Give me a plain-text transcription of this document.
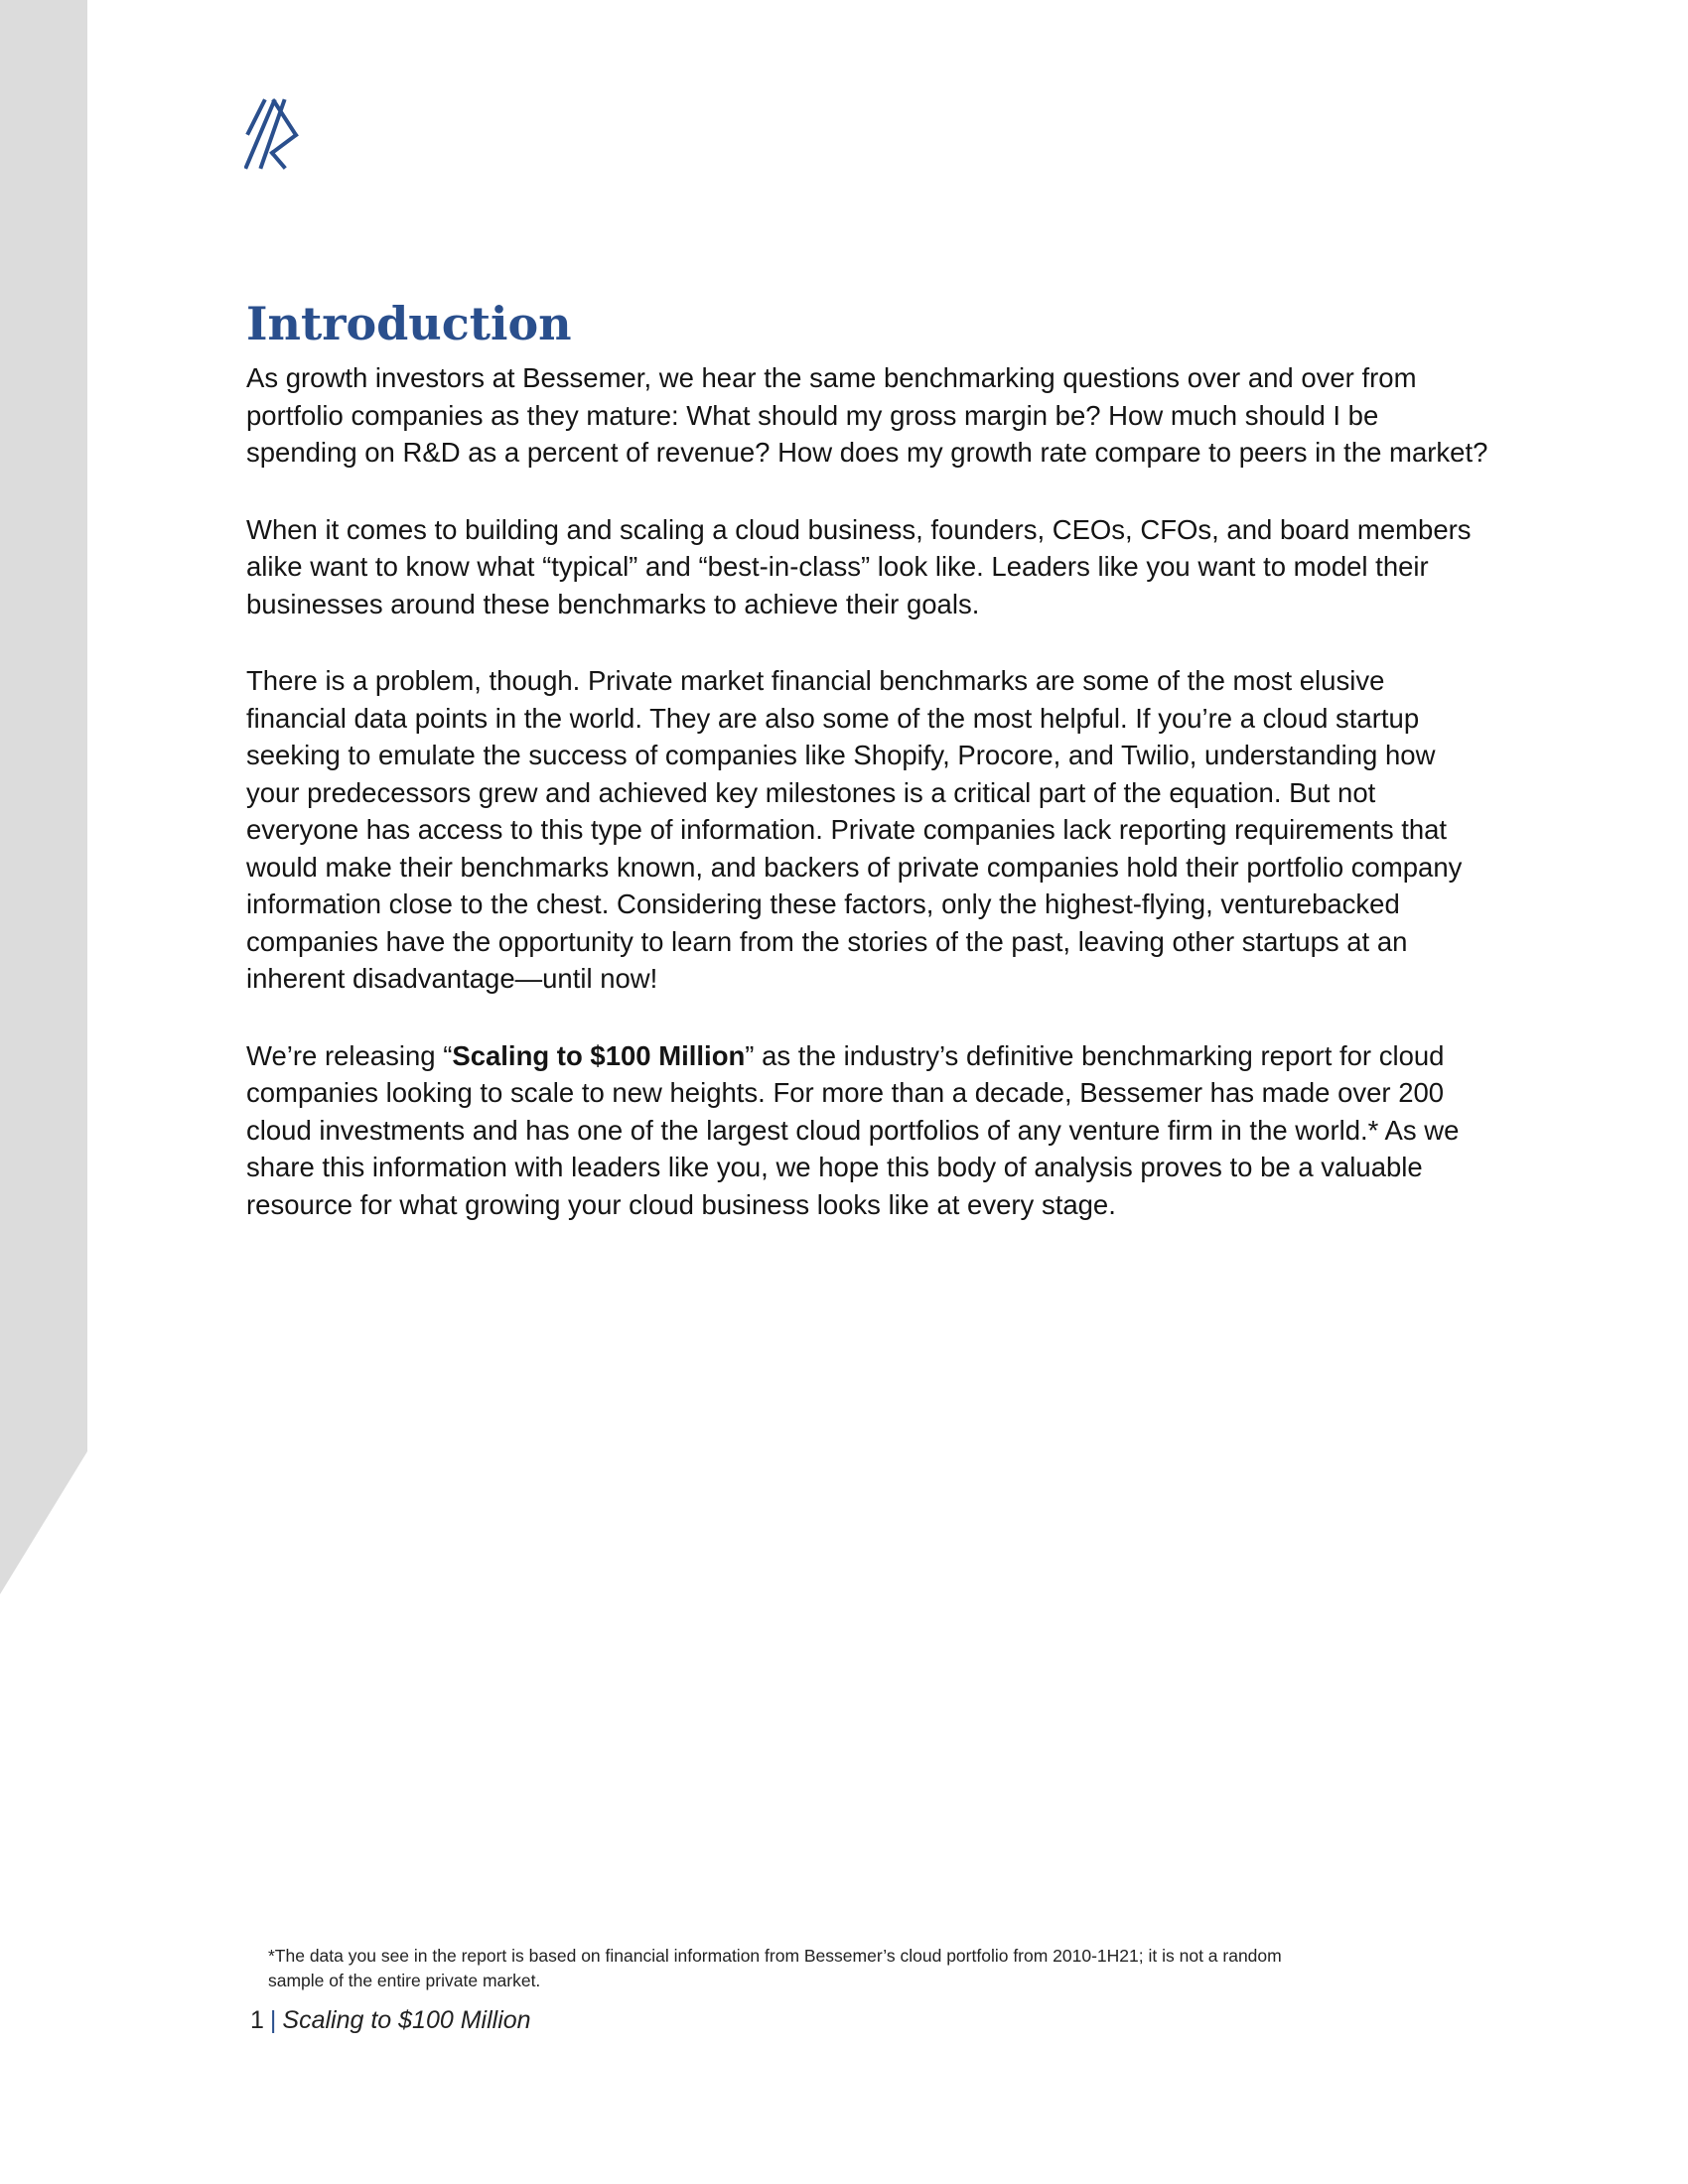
Introduction

As growth investors at Bessemer, we hear the same benchmarking questions over and over from portfolio companies as they mature: What should my gross margin be? How much should I be spending on R&D as a percent of revenue? How does my growth rate compare to peers in the market?

When it comes to building and scaling a cloud business, founders, CEOs, CFOs, and board members alike want to know what “typical” and “best-in-class” look like. Leaders like you want to model their businesses around these benchmarks to achieve their goals.

There is a problem, though. Private market financial benchmarks are some of the most elusive financial data points in the world. They are also some of the most helpful. If you’re a cloud startup seeking to emulate the success of companies like Shopify, Procore, and Twilio, understanding how your predecessors grew and achieved key milestones is a critical part of the equation. But not everyone has access to this type of information. Private companies lack reporting requirements that would make their benchmarks known, and backers of private companies hold their portfolio company information close to the chest. Considering these factors, only the highest-flying, venturebacked companies have the opportunity to learn from the stories of the past, leaving other startups at an inherent disadvantage—until now!

We’re releasing “Scaling to $100 Million” as the industry’s definitive benchmarking report for cloud companies looking to scale to new heights. For more than a decade, Bessemer has made over 200 cloud investments and has one of the largest cloud portfolios of any venture firm in the world.* As we share this information with leaders like you, we hope this body of analysis proves to be a valuable resource for what growing your cloud business looks like at every stage.

*The data you see in the report is based on financial information from Bessemer’s cloud portfolio from 2010-1H21; it is not a random sample of the entire private market.
1 | Scaling to $100 Million
